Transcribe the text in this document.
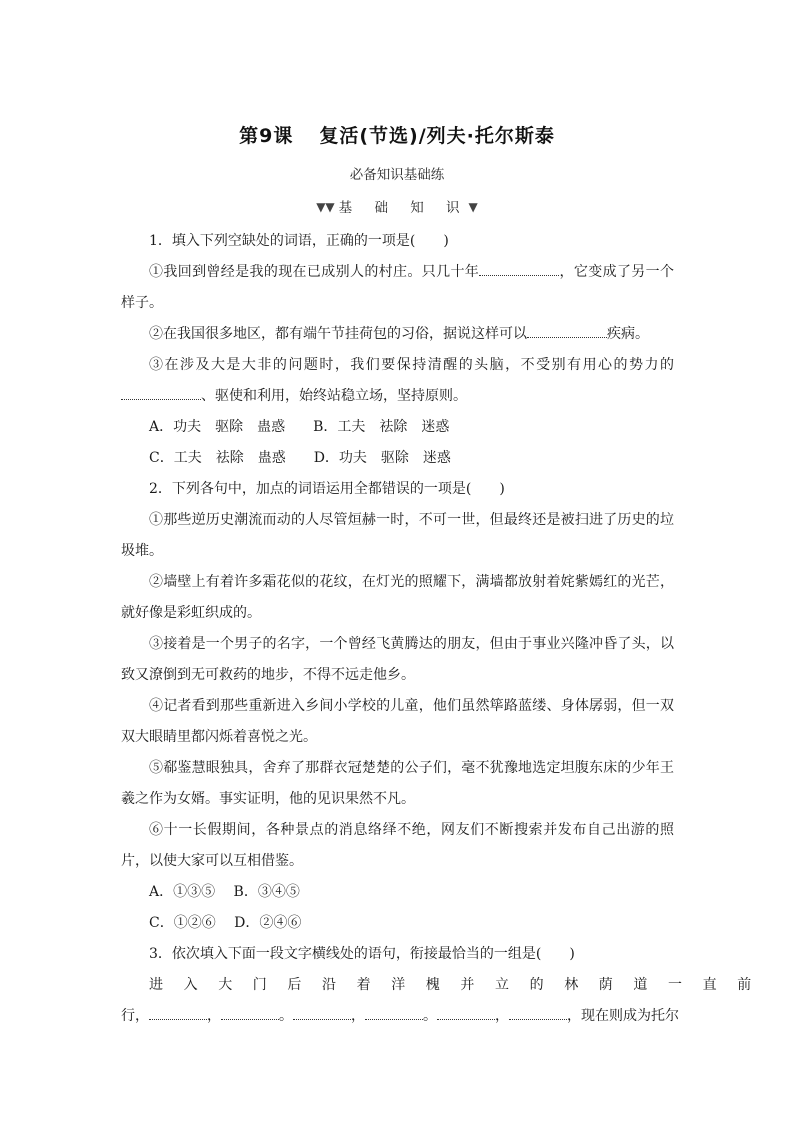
第9课 复活(节选)/列夫·托尔斯泰
必备知识基础练
▼▼ 基 础 知 识▼

1．填入下列空缺处的词语，正确的一项是(　　)

①我回到曾经是我的现在已成别人的村庄。只几十年	，它变成了另一个样子。

②在我国很多地区，都有端午节挂荷包的习俗，据说这样可以	疾病。

③在涉及大是大非的问题时，我们要保持清醒的头脑，不受别有用心的势力的、驱使和利用，始终站稳立场，坚持原则。

A．功夫　驱除　蛊惑　　B．工夫　祛除　迷惑

C．工夫　祛除　蛊惑　　D．功夫　驱除　迷惑

2．下列各句中，加点的词语运用全都错误的一项是(　　)

①那些逆历史潮流而动的人尽管烜赫一时，不可一世，但最终还是被扫进了历史的垃圾堆。

②墙壁上有着许多霜花似的花纹，在灯光的照耀下，满墙都放射着姹紫嫣红的光芒，就好像是彩虹织成的。

③接着是一个男子的名字，一个曾经飞黄腾达的朋友，但由于事业兴隆冲昏了头，以致又潦倒到无可救药的地步，不得不远走他乡。

④记者看到那些重新进入乡间小学校的儿童，他们虽然筚路蓝缕、身体孱弱，但一双双大眼睛里都闪烁着喜悦之光。

⑤郗鉴慧眼独具，舍弃了那群衣冠楚楚的公子们，毫不犹豫地选定坦腹东床的少年王羲之作为女婿。事实证明，他的见识果然不凡。

⑥十一长假期间，各种景点的消息络绎不绝，网友们不断搜索并发布自己出游的照片，以使大家可以互相借鉴。

A．①③⑤　 B．③④⑤

C．①②⑥　 D．②④⑥

3．依次填入下面一段文字横线处的语句，衔接最恰当的一组是(　　)

进入大门后沿着洋槐并立的林荫道一直前

行，	，	。	，	。	，	，现在则成为托尔
